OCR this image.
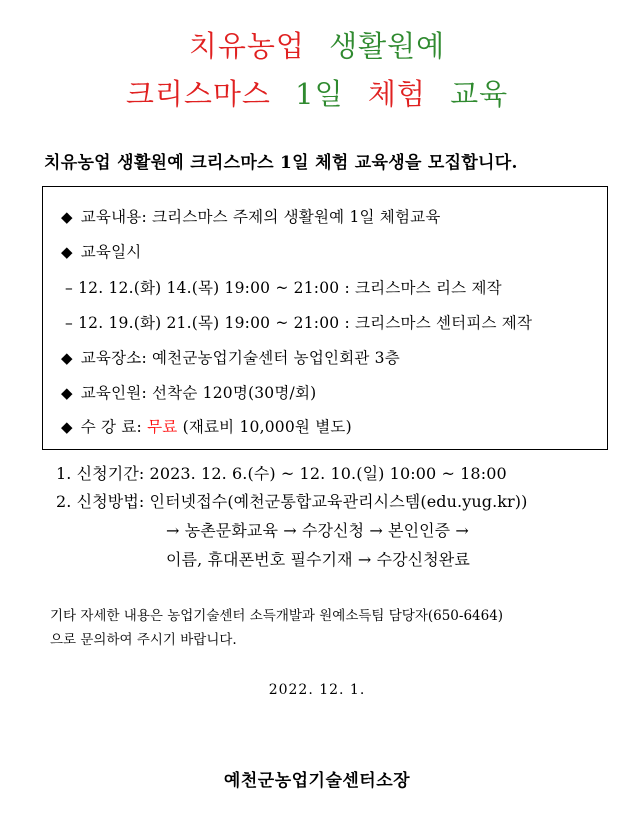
치유농업 생활원예
크리스마스 1일 체험 교육
치유농업 생활원예 크리스마스 1일 체험 교육생을 모집합니다.
◆ 교육내용: 크리스마스 주제의 생활원예 1일 체험교육
◆ 교육일시
– 12. 12.(화) 14.(목) 19:00 ~ 21:00 : 크리스마스 리스 제작
– 12. 19.(화) 21.(목) 19:00 ~ 21:00 : 크리스마스 센터피스 제작
◆ 교육장소: 예천군농업기술센터 농업인회관 3층
◆ 교육인원: 선착순 120명(30명/회)
◆ 수 강 료: 무료 (재료비 10,000원 별도)
1. 신청기간: 2023. 12. 6.(수) ~ 12. 10.(일) 10:00 ~ 18:00
2. 신청방법: 인터넷접수(예천군통합교육관리시스템(edu.yug.kr))
→ 농촌문화교육 → 수강신청 → 본인인증 →
이름, 휴대폰번호 필수기재 → 수강신청완료
기타 자세한 내용은 농업기술센터 소득개발과 원예소득팀 담당자(650-6464)
으로 문의하여 주시기 바랍니다.
2022. 12. 1.
예천군농업기술센터소장
